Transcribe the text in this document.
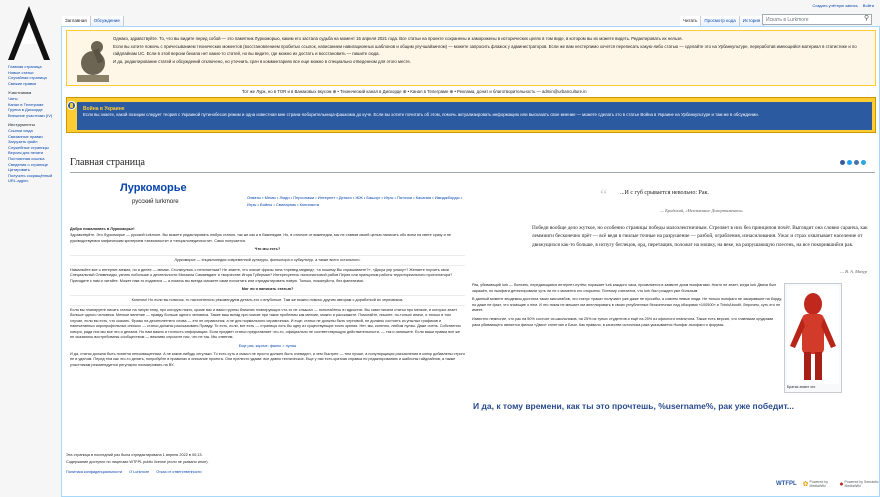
Создать учётную запись Войти
Главная страница
Новые статьи
Случайная страница
Свежие правки
Участникам
Чаты
Канал в Телеграме
Группа в Дискорде
Внешние участники (IV)
Инструменты
Ссылки сюда
Связанные правки
Загрузить файл
Служебные страницы
Версия для печати
Постоянная ссылка
Сведения о странице
Цитировать
Получить сокращённый URL-адрес
Заглавная	Обсуждение	Читать	Просмотр кода	История	Искать в Lurkmore	⚲

Однако, здравствуйте. То, что вы видите перед собой — это памятник Луркоморью, каким его застала судьба на момент 15 апреля 2021 года. Все статьи на проекте сохранены и заморожены в исторических целях в том виде, в котором вы их можете видеть. Редактировать их нельзя.

Если вы хотите помочь с причесыванием технических моментов (восстановлением пробитых ссылок, написанием навигационных шаблонов и общим улучшайзингом) — можете запросить флажок у администраторов. Если же вам нестерпимо хочется переписать какую-либо статью — сделайте это на Урбанкультуре, переработав имеющийся материал в статистике и по гайдлайнам UC. Если в этой версии бекапа нет каких-то статей, но вы видите, где можно их достать и восстановить — пишите сюда.

И да, редактирование статей и обсуждений отключено, но уточнить срач в комментариях все еще можно в специально отведенном для этого месте.

Тот же Лурк, но в TOR и в Ванаковых вкусом ⊕ • Технический канал в Дискорде ⊕ • Канал в Телеграме ⊕ • Реклама, донат и благотворительность — admin@urbanculture.in
Война в Украине
Если вы знаете, какой позиции следует теория с Украиной путинобесов режим и одна известная мне страна-поборительница-фашизма до куче. Если вы хотите почитать об этом, помочь актуализировать информацию или высказать свое мнение — можете сделать это в статье Война в Украине на Урбанкультуре и там же в обсуждении.
Главная страница
Луркоморье
русский lurkmore
Охваты • Мемы • Люди • Персонажи • Интернет • Деньги • ЖЖ • Башорг • Игры • Пяточки • Касания • Имиджборды • Игры • Войны • Свинарник • Копипаста
Добро пожаловать в Луркоморье!

Здравствуйте. Это Луркоморье — русский lurkmore. Вы можете редактировать любую статью, так же как и в Википедии. Но, в отличие от википедии, мы не ставим своей целью написать обо всем на свете сразу и не руководствуемся мифическим критерием «значимости» и «энциклопедичности». Само получается.

Что мы есть?
Луркоморье — энциклопедия современной культуры, фольклора и субкультур, а также всего остального.

Намалюйте все о интернет-мемах, но и делее — мемах. Столкнулись с непонятным? Не знаете, что значит фразы типа «превед медвед», «а пошему Вы спрашиваете?», «Дикуа упр улшку»? Желаете поучить свои Специальный Олимпиады, узнать побольше о деятельности Михаила Самаевдинг и творчестве Игоря Губерман? Интересуетесь психопастовой рабов Перия или принципом работы территориального протигнатора? Приходите к нам и читайте. Может нам-то подаются — а помочь вы всегда сможете сами посчитать или отредактировать новую. Только, пожалуйста, без фанатизма.

Мог ли я написать статью?
Конечно! Но если вы новичок, то настоятельно рекомендуем деталь это о впуботкое. Там же можно помочь другим авторам с доработкой их черновиков.

Если вы планируете писать статьи на лихую тему, про которую никто, кроме вас и ваши группы ближних планирующих что-то не слышал — попытайтесь в гадкостях. Вы сами писали статьи про мелкие, и которых знает больше одного человека. Мелкое явление — правду больше одного человека. Также ваш вклад при поиске при такие проблемы как мелкие, можно и расскажите. Помогайте, пишите, по-только иначе, и только в том случае, если вы есть, что сказать. Фразы на десятилетнего слова — это не справочник, а не для нормального справочника. И еще: статьи не должны быть черновой, не должны состоять из унылых графиков и напечатанных киропрофильных спискос — статьи должны рассказывать Правду. То есть, если, вот есть — страницы хоть бы одну из существующих точек зрения. Нет, мы, конечно, любим лулзы. Даже очень. Собственно говоря, ради них мы все это и делаем. Но нам важно и точность информации. Если предмет статьи представляет что-то, официально не соответствующую действительности, — так и напишите. Если ваши правки все же не оказались востребованы сообществом — вежливо спросите нас, что не так. Мы ответим.

Еще раз, короче: факты > лулзы

И да, статья должна быть понятна непосвященным. А не какие-нибудь сегульки. То есть суть и смысл не просто должен быть очевиден, и чем быстрее — тем лучше, а популярщиция разъяснения в конкр добавлены строго не в уделом. Перед тем как что-то делать, попробуйте в правилах и описание проекта. Они прелесто удами: все давно техническое. Еще у нас есть краткая справка по редактированию и шаблоны гайдлайнов, а также участникам рекомендуется регулярно посматривать на ВУ.

“ ...И с губ срывается невольно: Рак.
— Бродский, «Неизменное Довертимента»
Победи вообще дело жуткое, но особенно страницы победы малоэлектничным. Стреляет в них без принципов почёт. Выглядит она словно саранча, как лемминги бесконечно прёт — всё ведя в гнилые точные на разрушение — разбой, ограбления, изнасилования. Ужас и страх охватывает население от движущихся как-то больше, в испугу беглецов, орд, перетащив, положат на мошку, на веке, на разрушающую плесень, на все покорившийся рак.
— В. А. Мазур

Рак, убивающий lurk — болезнь, передающаяся интернет-путём; поражает lurk каждого часа, проявляется в заявите дохм ньюфагами. Никто не знает, когда lurk Двача был заражён, но ньюфаги детектировали чуть ли не с момента его открытия. Поэтому считается, что lurk был рожден уже больным.

В данный момент эпидемия достигла таких масштабов, что статус «рака» получают уже даже не пуссибы, а совсем левые люди. Не только ньюфаги не засиравшие на борду, но даже не факт, что знающие о нем. И это никак не мешает им апеллировать в своих углубленных бесконечных над обзорами «100500» и ThinkAboutIt. Впрочем, суть его не имеет.

Известно немногие, что рак на 50% состоит из школьников, на 25% из тупых студентов и ещё на 25% из офисного планктона. Также есть версия, что главными орудиями рака убивающего является фильм «Двач» сплетчан и Бачи. Как правило, в качестве источника рака указывается Ньюфаг-ньюфаги и форумы.

Братья знают что
И да, к тому времени, как ты это прочтешь, %username%, рак уже победит...
Эта страница в последний раз была отредактирована 1 апреля 2022 в 00:13.
Содержание доступно по лицензии WTFPL public license (если не указано иное).
Политика конфиденциальности О Lurkmore Отказ от ответственности
WTFPL ✿ Powered by MediaWiki	● Powered by Semantic MediaWiki
